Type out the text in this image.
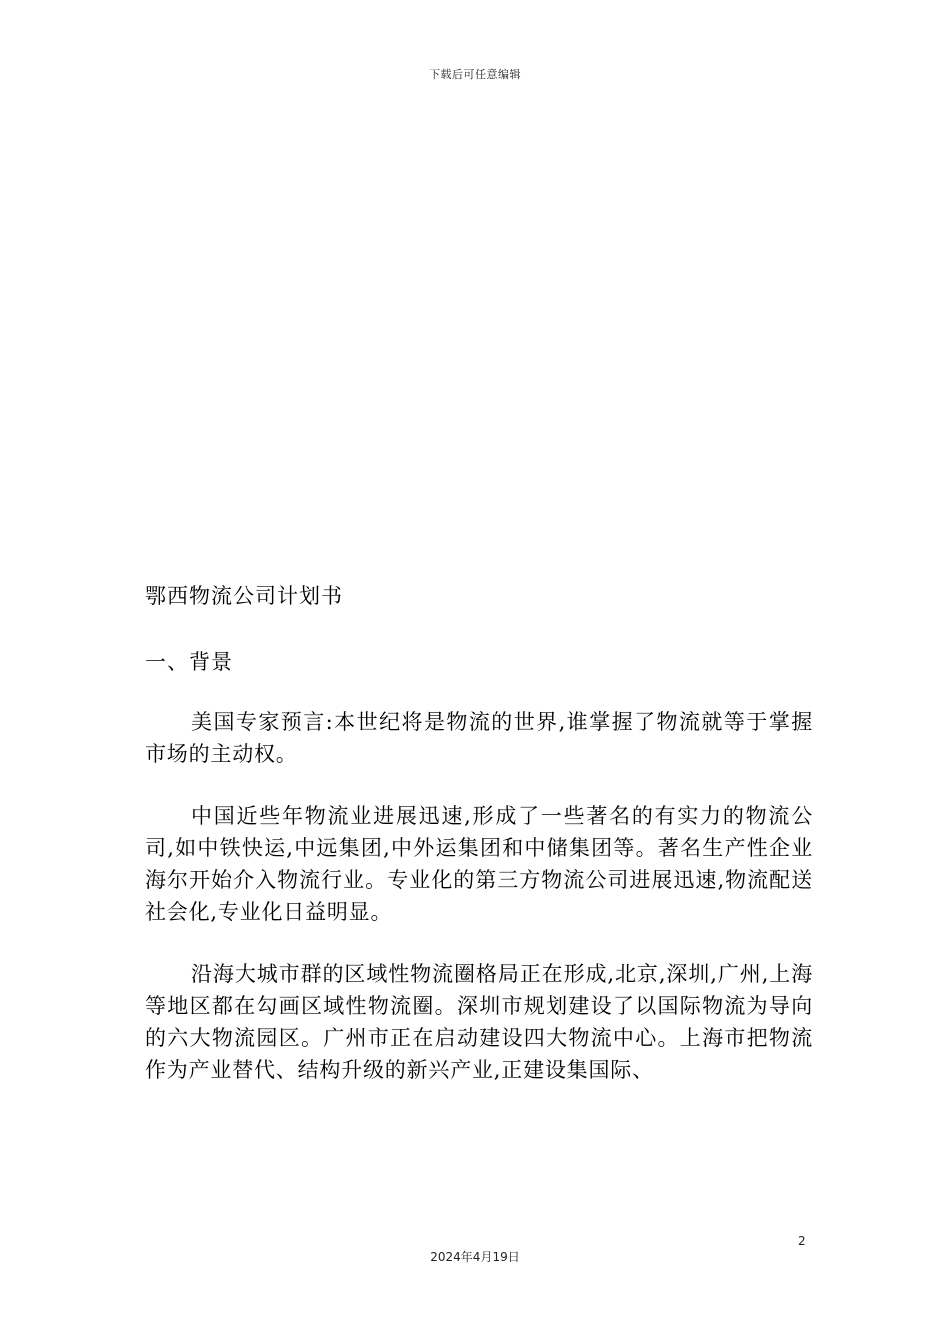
下载后可任意编辑
鄂西物流公司计划书
一、背景

美国专家预言:本世纪将是物流的世界,谁掌握了物流就等于掌握市场的主动权。

中国近些年物流业进展迅速,形成了一些著名的有实力的物流公司,如中铁快运,中远集团,中外运集团和中储集团等。著名生产性企业海尔开始介入物流行业。专业化的第三方物流公司进展迅速,物流配送社会化,专业化日益明显。

沿海大城市群的区域性物流圈格局正在形成,北京,深圳,广州,上海等地区都在勾画区域性物流圈。深圳市规划建设了以国际物流为导向的六大物流园区。广州市正在启动建设四大物流中心。上海市把物流作为产业替代、结构升级的新兴产业,正建设集国际、

2
2024年4月19日
